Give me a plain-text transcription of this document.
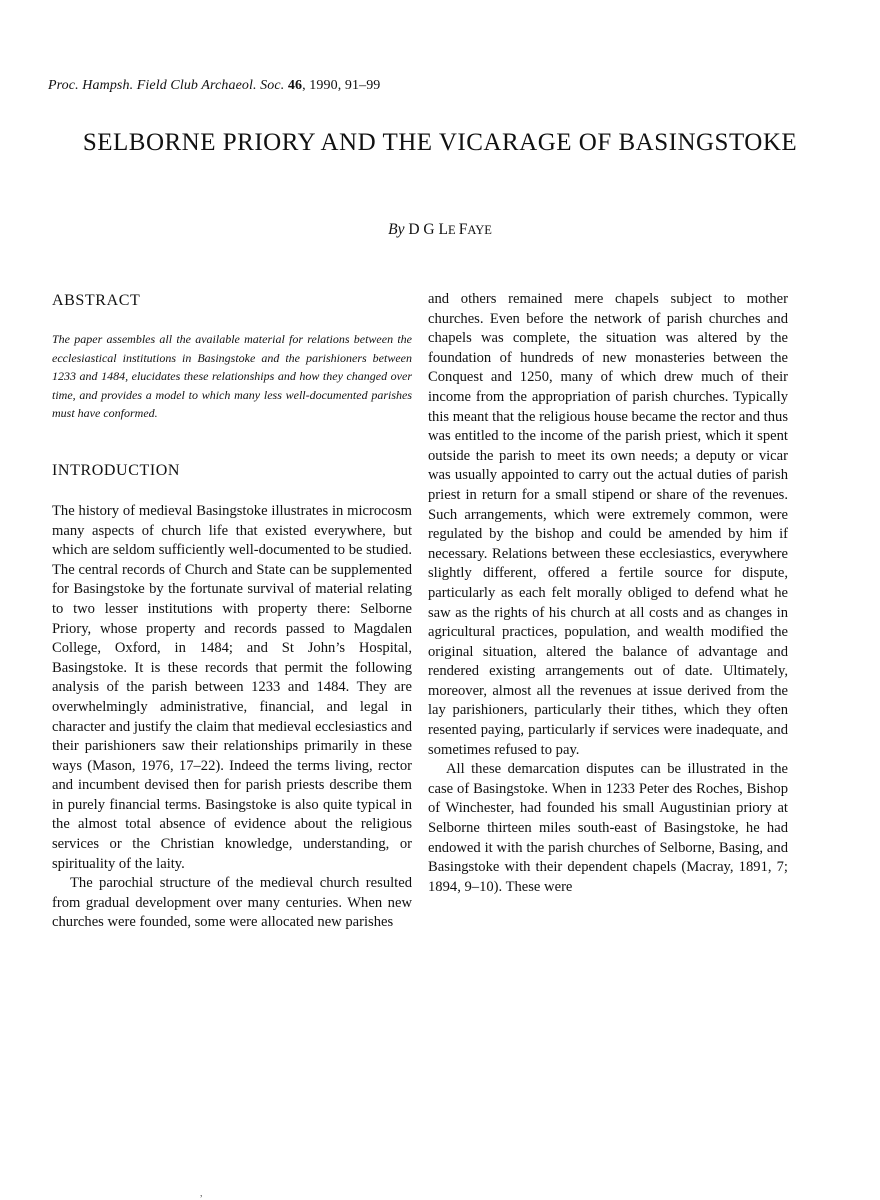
Proc. Hampsh. Field Club Archaeol. Soc. 46, 1990, 91–99
SELBORNE PRIORY AND THE VICARAGE OF BASINGSTOKE
By D G LE FAYE
ABSTRACT

The paper assembles all the available material for relations between the ecclesiastical institutions in Basingstoke and the parishioners between 1233 and 1484, elucidates these relationships and how they changed over time, and provides a model to which many less well-documented parishes must have conformed.

INTRODUCTION

The history of medieval Basingstoke illustrates in microcosm many aspects of church life that existed everywhere, but which are seldom sufficiently well-documented to be studied. The central records of Church and State can be supplemented for Basingstoke by the fortunate survival of material relating to two lesser institutions with property there: Selborne Priory, whose property and records passed to Magdalen College, Oxford, in 1484; and St John’s Hospital, Basingstoke. It is these records that permit the following analysis of the parish between 1233 and 1484. They are overwhelmingly administrative, financial, and legal in character and justify the claim that medieval ecclesiastics and their parishioners saw their relationships primarily in these ways (Mason, 1976, 17–22). Indeed the terms living, rector and incumbent devised then for parish priests describe them in purely financial terms. Basingstoke is also quite typical in the almost total absence of evidence about the religious services or the Christian knowledge, understanding, or spirituality of the laity.

The parochial structure of the medieval church resulted from gradual development over many centuries. When new churches were founded, some were allocated new parishes

and others remained mere chapels subject to mother churches. Even before the network of parish churches and chapels was complete, the situation was altered by the foundation of hundreds of new monasteries between the Conquest and 1250, many of which drew much of their income from the appropriation of parish churches. Typically this meant that the religious house became the rector and thus was entitled to the income of the parish priest, which it spent outside the parish to meet its own needs; a deputy or vicar was usually appointed to carry out the actual duties of parish priest in return for a small stipend or share of the revenues. Such arrangements, which were extremely common, were regulated by the bishop and could be amended by him if necessary. Relations between these ecclesiastics, everywhere slightly different, offered a fertile source for dispute, particularly as each felt morally obliged to defend what he saw as the rights of his church at all costs and as changes in agricultural practices, population, and wealth modified the original situation, altered the balance of advantage and rendered existing arrangements out of date. Ultimately, moreover, almost all the revenues at issue derived from the lay parishioners, particularly their tithes, which they often resented paying, particularly if services were inadequate, and sometimes refused to pay.

All these demarcation disputes can be illustrated in the case of Basingstoke. When in 1233 Peter des Roches, Bishop of Winchester, had founded his small Augustinian priory at Selborne thirteen miles south-east of Basingstoke, he had endowed it with the parish churches of Selborne, Basing, and Basingstoke with their dependent chapels (Macray, 1891, 7; 1894, 9–10). These were

,
